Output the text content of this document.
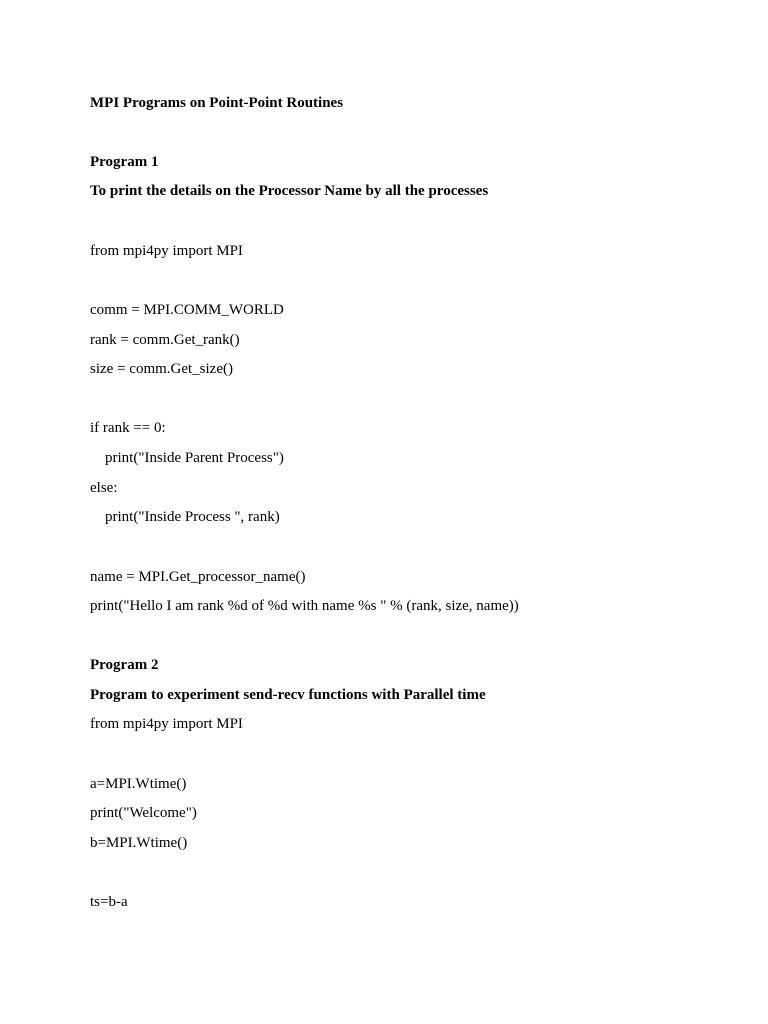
MPI Programs on Point-Point Routines
Program 1
To print the details on the Processor Name by all the processes
from mpi4py import MPI
comm = MPI.COMM_WORLD
rank = comm.Get_rank()
size = comm.Get_size()
if rank == 0:
print("Inside Parent Process")
else:
print("Inside Process ", rank)
name = MPI.Get_processor_name()
print("Hello I am rank %d of %d with name %s " % (rank, size, name))
Program 2
Program to experiment send-recv functions with Parallel time
from mpi4py import MPI
a=MPI.Wtime()
print("Welcome")
b=MPI.Wtime()
ts=b-a
